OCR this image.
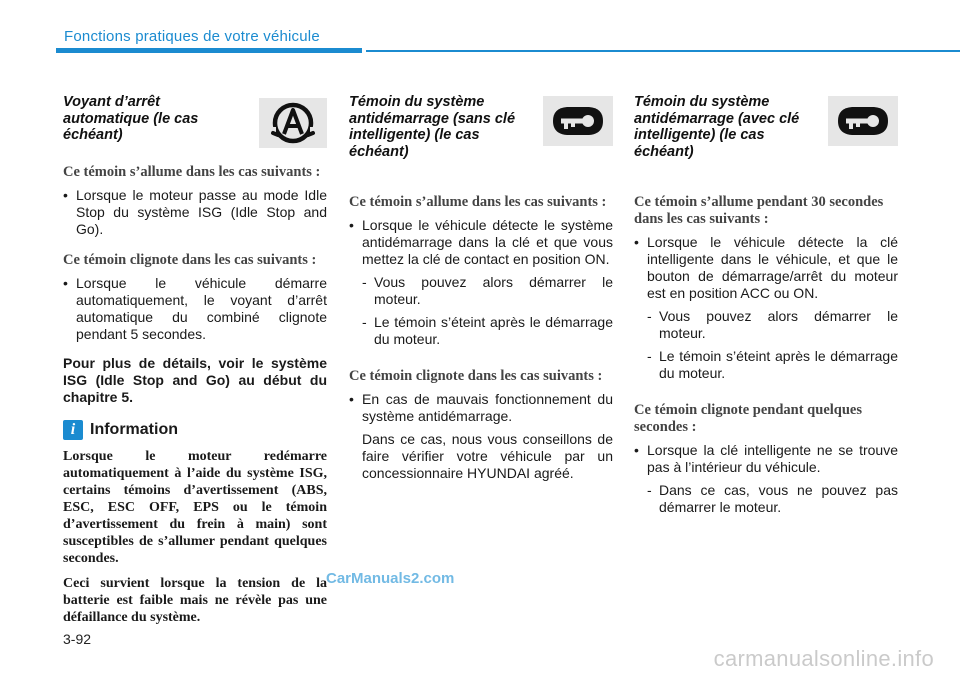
Fonctions pratiques de votre véhicule
Voyant d’arrêt automatique (le cas échéant)
Ce témoin s’allume dans les cas suivants :
• Lorsque le moteur passe au mode Idle Stop du système ISG (Idle Stop and Go).
Ce témoin clignote dans les cas suivants :
• Lorsque le véhicule démarre automatiquement, le voyant d’arrêt automatique du combiné clignote pendant 5 secondes.
Pour plus de détails, voir le système ISG (Idle Stop and Go) au début du chapitre 5.
i Information
Lorsque le moteur redémarre automatiquement à l’aide du système ISG, certains témoins d’avertissement (ABS, ESC, ESC OFF, EPS ou le témoin d’avertissement du frein à main) sont susceptibles de s’allumer pendant quelques secondes.
Ceci survient lorsque la tension de la batterie est faible mais ne révèle pas une défaillance du système.
Témoin du système antidémarrage (sans clé intelligente) (le cas échéant)
Ce témoin s’allume dans les cas suivants :
• Lorsque le véhicule détecte le système antidémarrage dans la clé et que vous mettez la clé de contact en position ON.
- Vous pouvez alors démarrer le moteur.
- Le témoin s’éteint après le démarrage du moteur.
Ce témoin clignote dans les cas suivants :
• En cas de mauvais fonctionnement du système antidémarrage.
Dans ce cas, nous vous conseillons de faire vérifier votre véhicule par un concessionnaire HYUNDAI agréé.
Témoin du système antidémarrage (avec clé intelligente) (le cas échéant)
Ce témoin s’allume pendant 30 secondes dans les cas suivants :
• Lorsque le véhicule détecte la clé intelligente dans le véhicule, et que le bouton de démarrage/arrêt du moteur est en position ACC ou ON.
- Vous pouvez alors démarrer le moteur.
- Le témoin s’éteint après le démarrage du moteur.
Ce témoin clignote pendant quelques secondes :
• Lorsque la clé intelligente ne se trouve pas à l’intérieur du véhicule.
- Dans ce cas, vous ne pouvez pas démarrer le moteur.
3-92
CarManuals2.com
carmanualsonline.info
